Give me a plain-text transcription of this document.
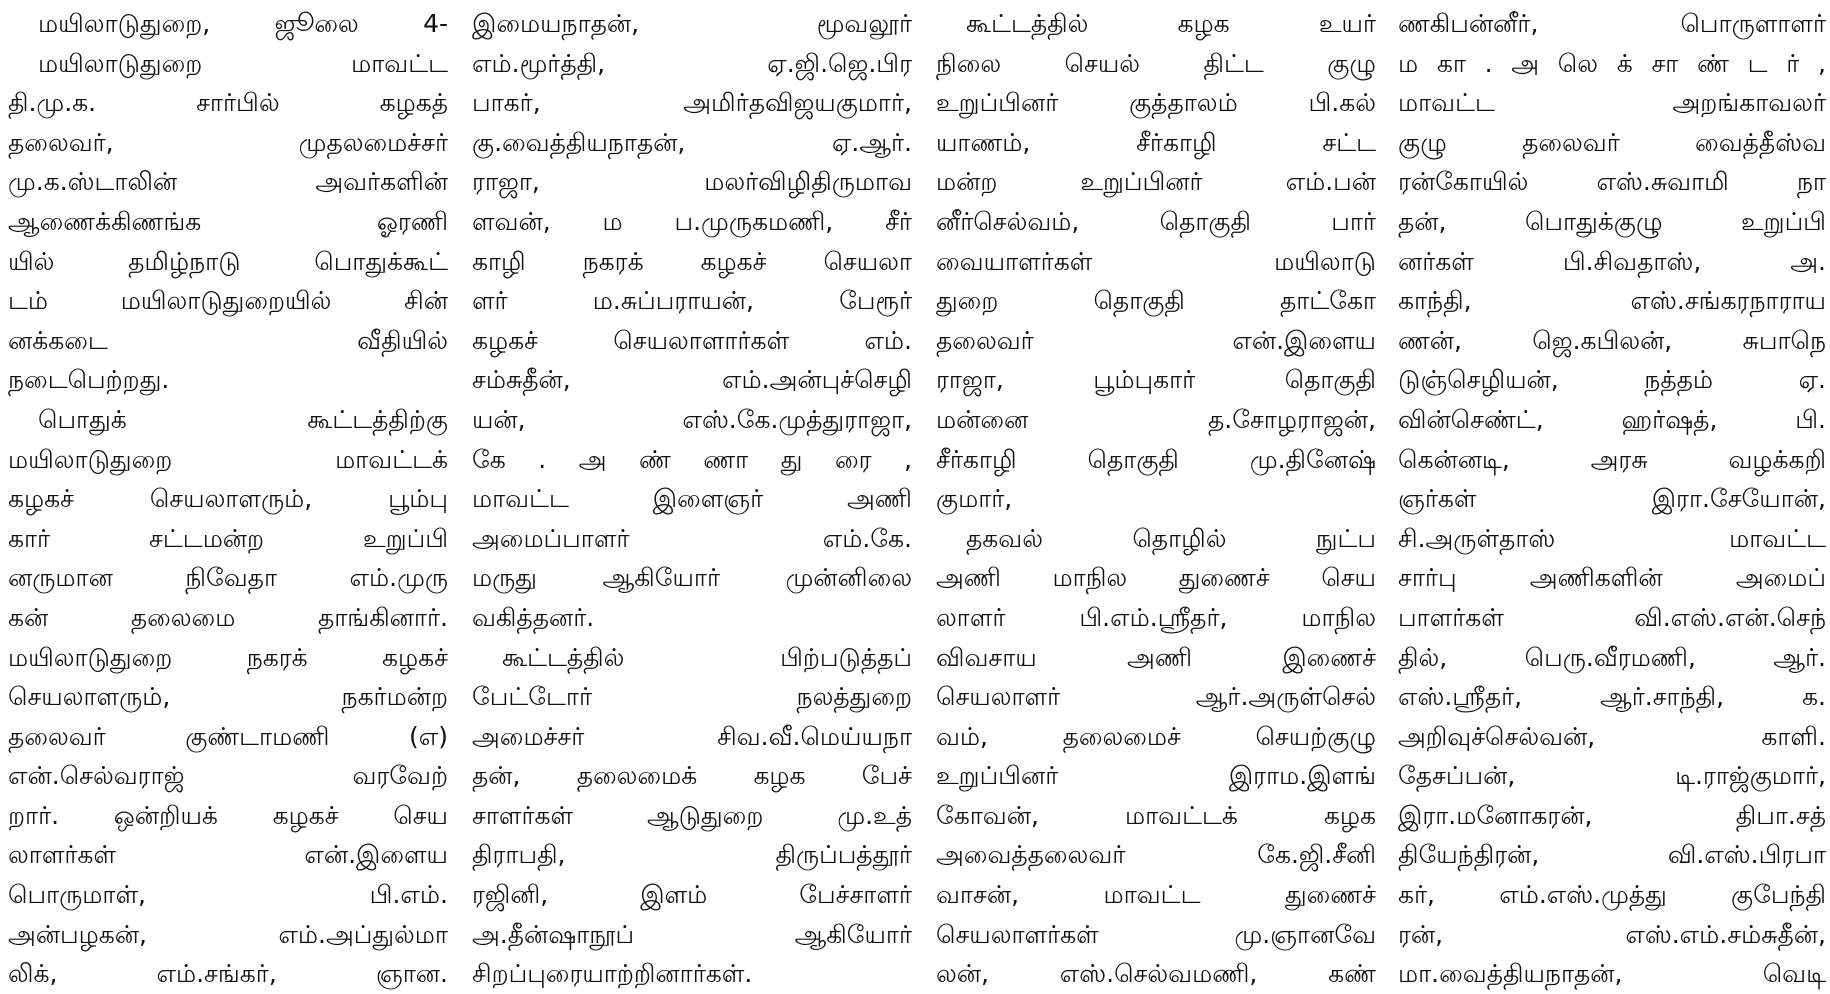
மயிலாடுதுறை, ஜூலை 4-
மயிலாடுதுறை மாவட்ட
தி.மு.க. சார்பில் கழகத்
தலைவர், முதலமைச்சர்
மு.க.ஸ்டாலின் அவர்களின்
ஆணைக்கிணங்க ஓரணி
யில் தமிழ்நாடு பொதுக்கூட்
டம் மயிலாடுதுறையில் சின்
னக்கடை வீதியில்
நடைபெற்றது.
பொதுக் கூட்டத்திற்கு
மயிலாடுதுறை மாவட்டக்
கழகச் செயலாளரும், பூம்பு
கார் சட்டமன்ற உறுப்பி
னருமான நிவேதா எம்.முரு
கன் தலைமை தாங்கினார்.
மயிலாடுதுறை நகரக் கழகச்
செயலாளரும், நகர்மன்ற
தலைவர் குண்டாமணி (எ)
என்.செல்வராஜ் வரவேற்
றார். ஒன்றியக் கழகச் செய
லாளர்கள் என்.இளைய
பொருமாள், பி.எம்.
அன்பழகன், எம்.அப்துல்மா
லிக், எம்.சங்கர், ஞான.
இமையநாதன், மூவலூர்
எம்.மூர்த்தி, ஏ.ஜி.ஜெ.பிர
பாகர், அமிர்தவிஜயகுமார்,
கு.வைத்தியநாதன், ஏ.ஆர்.
ராஜா, மலர்விழிதிருமாவ
ளவன், ம ப.முருகமணி, சீர்
காழி நகரக் கழகச் செயலா
ளர் ம.சுப்பராயன், பேரூர்
கழகச் செயலாளார்கள் எம்.
சம்சுதீன், எம்.அன்புச்செழி
யன், எஸ்.கே.முத்துராஜா,
கே . அ ண் ணா து ரை ,
மாவட்ட இளைஞர் அணி
அமைப்பாளர் எம்.கே.
மருது ஆகியோர் முன்னிலை
வகித்தனர்.
கூட்டத்தில் பிற்படுத்தப்
பேட்டோர் நலத்துறை
அமைச்சர் சிவ.வீ.மெய்யநா
தன், தலைமைக் கழக பேச்
சாளர்கள் ஆடுதுறை மு.உத்
திராபதி, திருப்பத்தூர்
ரஜினி, இளம் பேச்சாளர்
அ.தீன்ஷாநூப் ஆகியோர்
சிறப்புரையாற்றினார்கள்.
கூட்டத்தில் கழக உயர்
நிலை செயல் திட்ட குழு
உறுப்பினர் குத்தாலம் பி.கல்
யாணம், சீர்காழி சட்ட
மன்ற உறுப்பினர் எம்.பன்
னீர்செல்வம், தொகுதி பார்
வையாளர்கள் மயிலாடு
துறை தொகுதி தாட்கோ
தலைவர் என்.இளைய
ராஜா, பூம்புகார் தொகுதி
மன்னை த.சோழராஜன்,
சீர்காழி தொகுதி மு.தினேஷ்
குமார்,
தகவல் தொழில் நுட்ப
அணி மாநில துணைச் செய
லாளர் பி.எம்.ஸ்ரீதர், மாநில
விவசாய அணி இணைச்
செயலாளர் ஆர்.அருள்செல்
வம், தலைமைச் செயற்குழு
உறுப்பினர் இராம.இளங்
கோவன், மாவட்டக் கழக
அவைத்தலைவர் கே.ஜி.சீனி
வாசன், மாவட்ட துணைச்
செயலாளர்கள் மு.ஞானவே
லன், எஸ்.செல்வமணி, கண்
ணகிபன்னீர், பொருளாளர்
ம கா . அ லெ க் சா ண் ட ர் ,
மாவட்ட அறங்காவலர்
குழு தலைவர் வைத்தீஸ்வ
ரன்கோயில் எஸ்.சுவாமி நா
தன், பொதுக்குழு உறுப்பி
னர்கள் பி.சிவதாஸ், அ.
காந்தி, எஸ்.சங்கரநாராய
ணன், ஜெ.கபிலன், சுபாநெ
டுஞ்செழியன், நத்தம் ஏ.
வின்செண்ட், ஹர்ஷத், பி.
கென்னடி, அரசு வழக்கறி
ஞர்கள் இரா.சேயோன்,
சி.அருள்தாஸ் மாவட்ட
சார்பு அணிகளின் அமைப்
பாளர்கள் வி.எஸ்.என்.செந்
தில், பெரு.வீரமணி, ஆர்.
எஸ்.ஸ்ரீதர், ஆர்.சாந்தி, க.
அறிவுச்செல்வன், காளி.
தேசப்பன், டி.ராஜ்குமார்,
இரா.மனோகரன், திபா.சத்
தியேந்திரன், வி.எஸ்.பிரபா
கர், எம்.எஸ்.முத்து குபேந்தி
ரன், எஸ்.எம்.சம்சுதீன்,
மா.வைத்தியநாதன், வெடி
